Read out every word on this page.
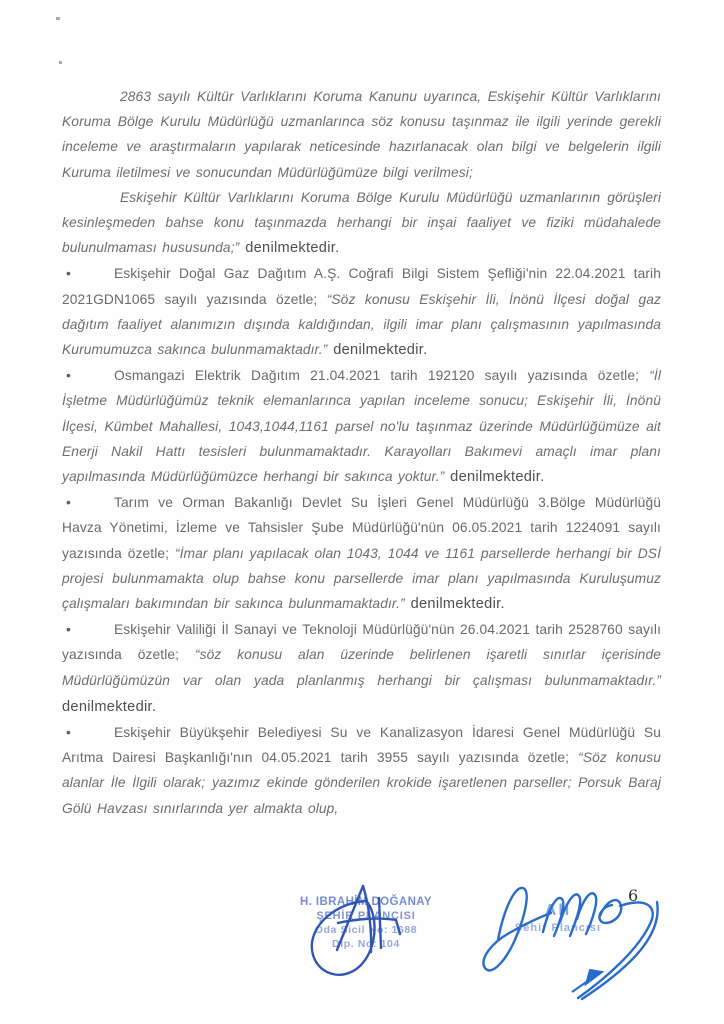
2863 sayılı Kültür Varlıklarını Koruma Kanunu uyarınca, Eskişehir Kültür Varlıklarını Koruma Bölge Kurulu Müdürlüğü uzmanlarınca söz konusu taşınmaz ile ilgili yerinde gerekli inceleme ve araştırmaların yapılarak neticesinde hazırlanacak olan bilgi ve belgelerin ilgili Kuruma iletilmesi ve sonucundan Müdürlüğümüze bilgi verilmesi;

Eskişehir Kültür Varlıklarını Koruma Bölge Kurulu Müdürlüğü uzmanlarının görüşleri kesinleşmeden bahse konu taşınmazda herhangi bir inşai faaliyet ve fiziki müdahalede bulunulmaması hususunda;” denilmektedir.

•	Eskişehir Doğal Gaz Dağıtım A.Ş. Coğrafi Bilgi Sistem Şefliği'nin 22.04.2021 tarih 2021GDN1065 sayılı yazısında özetle; “Söz konusu Eskişehir İli, İnönü İlçesi doğal gaz dağıtım faaliyet alanımızın dışında kaldığından, ilgili imar planı çalışmasının yapılmasında Kurumumuzca sakınca bulunmamaktadır.” denilmektedir.

•	Osmangazi Elektrik Dağıtım 21.04.2021 tarih 192120 sayılı yazısında özetle; “İl İşletme Müdürlüğümüz teknik elemanlarınca yapılan inceleme sonucu; Eskişehir İli, İnönü İlçesi, Kümbet Mahallesi, 1043,1044,1161 parsel no'lu taşınmaz üzerinde Müdürlüğümüze ait Enerji Nakil Hattı tesisleri bulunmamaktadır. Karayolları Bakımevi amaçlı imar planı yapılmasında Müdürlüğümüzce herhangi bir sakınca yoktur.” denilmektedir.

•	Tarım ve Orman Bakanlığı Devlet Su İşleri Genel Müdürlüğü 3.Bölge Müdürlüğü Havza Yönetimi, İzleme ve Tahsisler Şube Müdürlüğü'nün 06.05.2021 tarih 1224091 sayılı yazısında özetle; “İmar planı yapılacak olan 1043, 1044 ve 1161 parsellerde herhangi bir DSİ projesi bulunmamakta olup bahse konu parsellerde imar planı yapılmasında Kuruluşumuz çalışmaları bakımından bir sakınca bulunmamaktadır.” denilmektedir.

•	Eskişehir Valiliği İl Sanayi ve Teknoloji Müdürlüğü'nün 26.04.2021 tarih 2528760 sayılı yazısında özetle; “söz konusu alan üzerinde belirlenen işaretli sınırlar içerisinde Müdürlüğümüzün var olan yada planlanmış herhangi bir çalışması bulunmamaktadır.” denilmektedir.

•	Eskişehir Büyükşehir Belediyesi Su ve Kanalizasyon İdaresi Genel Müdürlüğü Su Arıtma Dairesi Başkanlığı'nın 04.05.2021 tarih 3955 sayılı yazısında özetle; “Söz konusu alanlar İle İlgili olarak; yazımız ekinde gönderilen krokide işaretlenen parseller; Porsuk Baraj Gölü Havzası sınırlarında yer almakta olup,

H. IBRAHİM DOĞANAY
ŞEHİR PLANCISI
Oda Sicil No: 1688
Dip. No: 104
Ali
Şehir Plancısı
6
